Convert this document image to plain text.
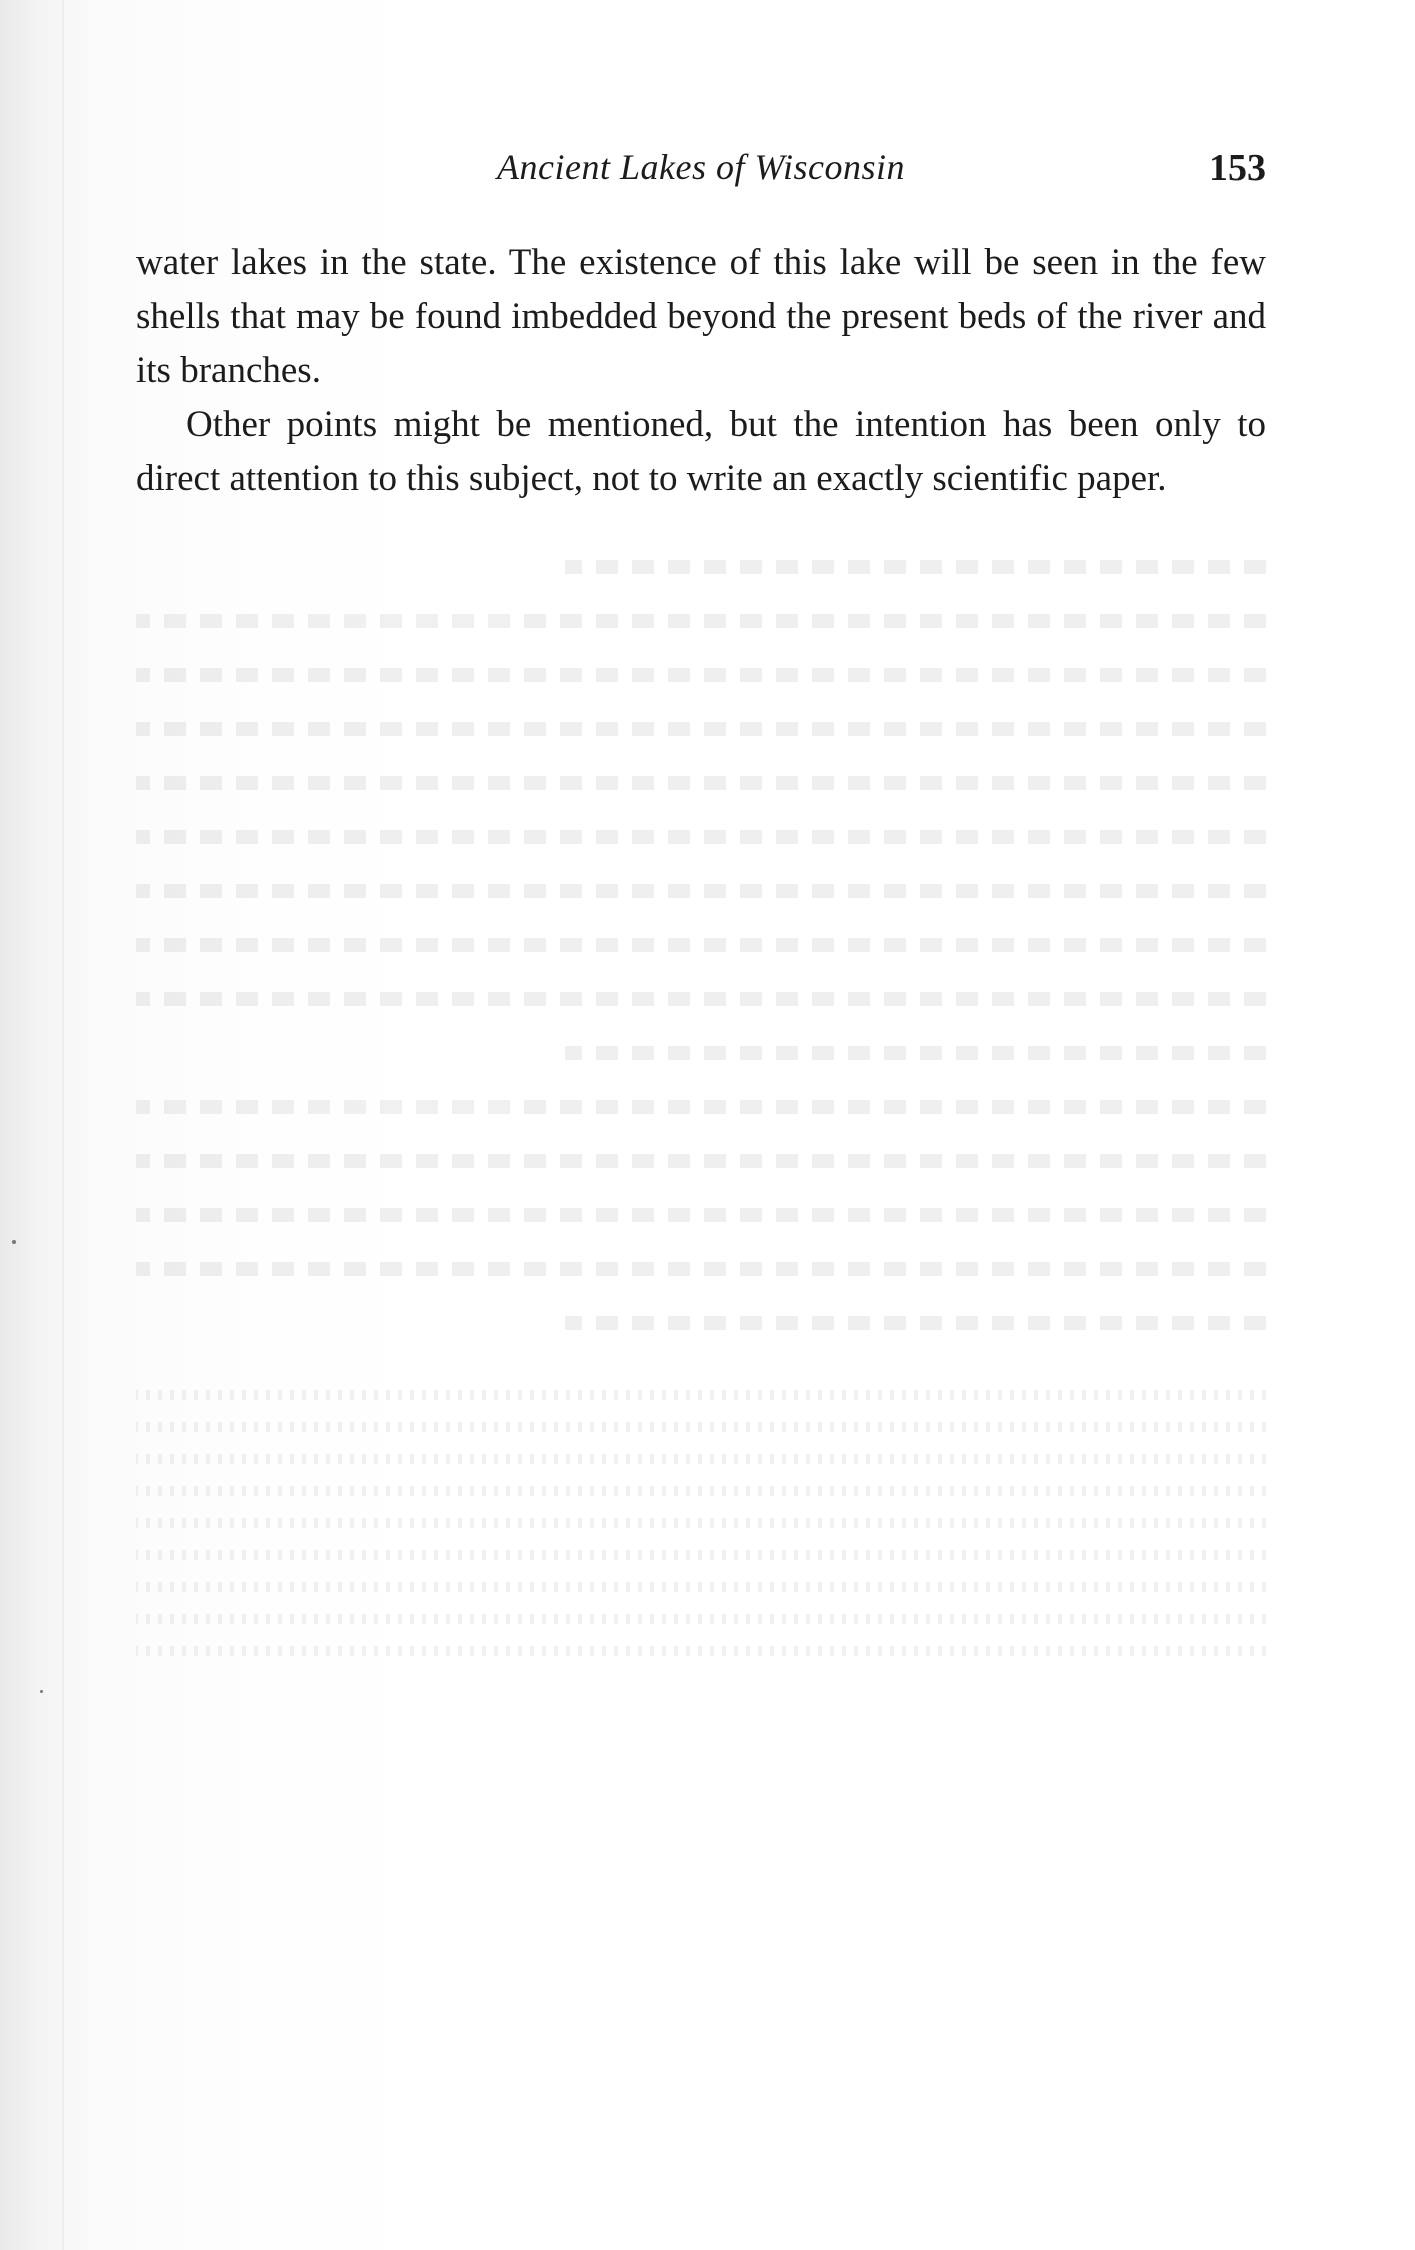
Ancient Lakes of Wisconsin	153

water lakes in the state. The existence of this lake will be seen in the few shells that may be found imbedded beyond the present beds of the river and its branches.

Other points might be mentioned, but the intention has been only to direct attention to this subject, not to write an exactly scientific paper.
